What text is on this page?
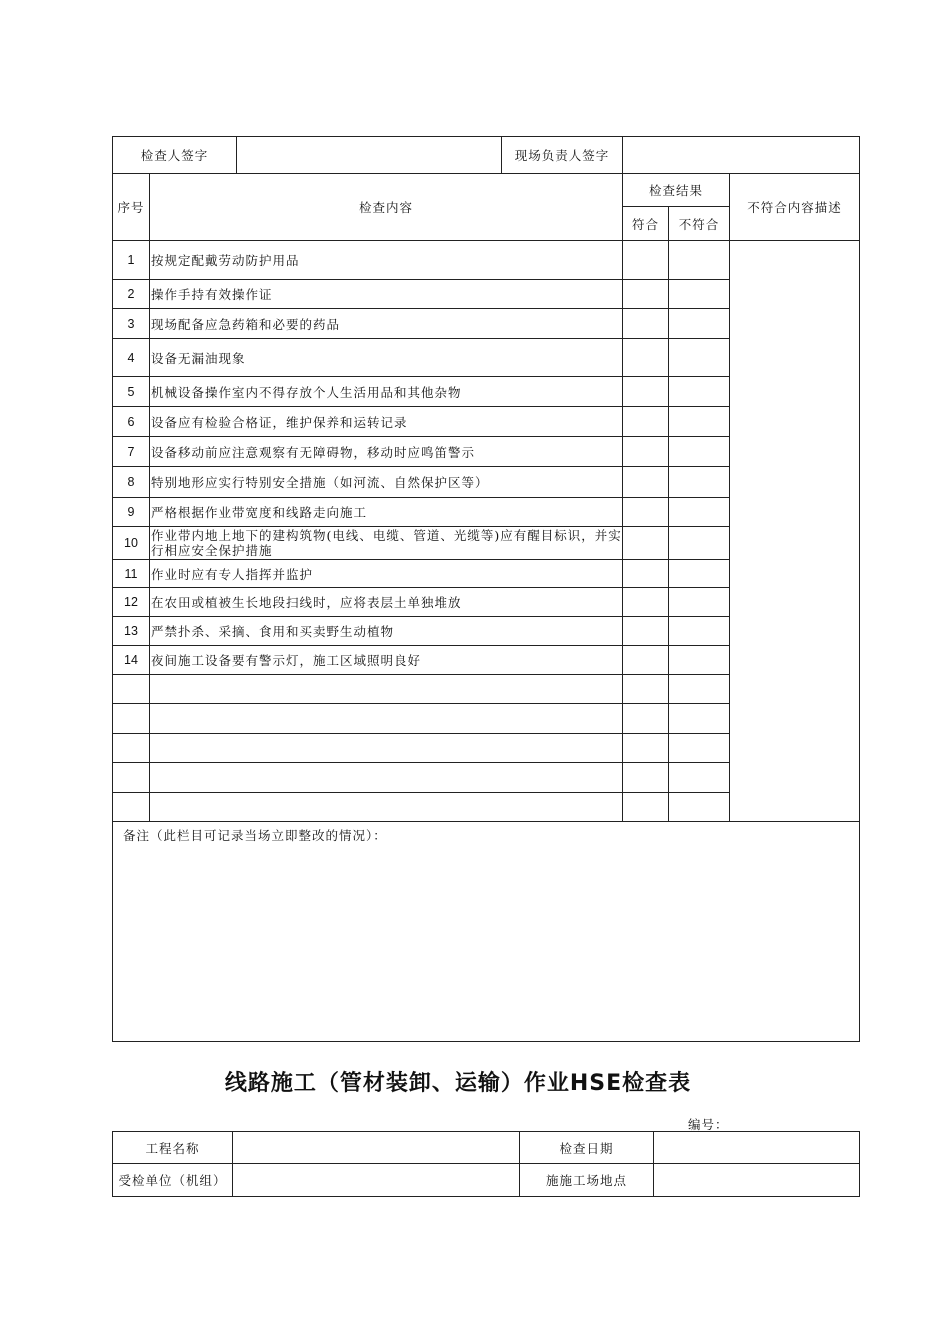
检查人签字			现场负责人签字			
序号	检查内容			检查结果		不符合内容描述
				符合	不符合	
1	按规定配戴劳动防护用品					
2	操作手持有效操作证					
3	现场配备应急药箱和必要的药品					
4	设备无漏油现象					
5	机械设备操作室内不得存放个人生活用品和其他杂物					
6	设备应有检验合格证，维护保养和运转记录					
7	设备移动前应注意观察有无障碍物，移动时应鸣笛警示					
8	特别地形应实行特别安全措施（如河流、自然保护区等）					
9	严格根据作业带宽度和线路走向施工					
10	作业带内地上地下的建构筑物(电线、电缆、管道、光缆等)应有醒目标识，并实行相应安全保护措施					
11	作业时应有专人指挥并监护					
12	在农田或植被生长地段扫线时，应将表层土单独堆放					
13	严禁扑杀、采摘、食用和买卖野生动植物					
14	夜间施工设备要有警示灯，施工区域照明良好					

备注（此栏目可记录当场立即整改的情况）：						
线路施工（管材装卸、运输）作业HSE检查表
编号：
工程名称		检查日期	
受检单位（机组）		施施工场地点	
